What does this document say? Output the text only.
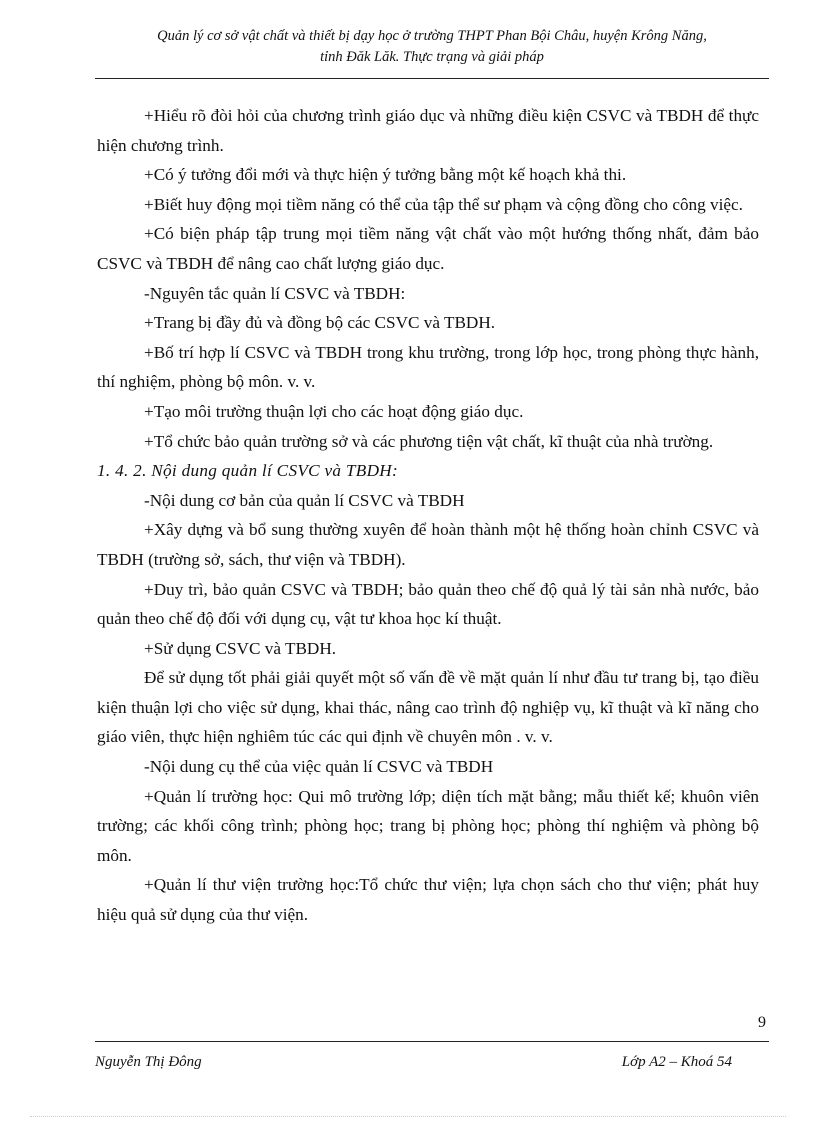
Quản lý cơ sở vật chất và thiết bị dạy học ở trường THPT Phan Bội Châu, huyện Krông Năng,
tỉnh Đăk Lăk. Thực trạng và giải pháp

+Hiểu rõ đòi hỏi của chương trình giáo dục và những điều kiện CSVC và TBDH để thực hiện chương trình.

+Có ý tưởng đổi mới và thực hiện ý tưởng bằng một kế hoạch khả thi.

+Biết huy động mọi tiềm năng có thể của tập thể sư phạm và cộng đồng cho công việc.

+Có biện pháp tập trung mọi tiềm năng vật chất vào một hướng thống nhất, đảm bảo CSVC và TBDH để nâng cao chất lượng giáo dục.

-Nguyên tắc quản lí CSVC và TBDH:

+Trang bị đầy đủ và đồng bộ các CSVC và TBDH.

+Bố trí hợp lí CSVC và TBDH trong khu trường, trong lớp học, trong phòng thực hành, thí nghiệm, phòng bộ môn. v. v.

+Tạo môi trường thuận lợi cho các hoạt động giáo dục.

+Tổ chức bảo quản trường sở và các phương tiện vật chất, kĩ thuật của nhà trường.

1. 4. 2. Nội dung quản lí CSVC và TBDH:

-Nội dung cơ bản của quản lí CSVC và TBDH

+Xây dựng và bổ sung thường xuyên để hoàn thành một hệ thống hoàn chỉnh CSVC và TBDH (trường sở, sách, thư viện và TBDH).

+Duy trì, bảo quản CSVC và TBDH; bảo quản theo chế độ quả lý tài sản nhà nước, bảo quản theo chế độ đối với dụng cụ, vật tư khoa học kí thuật.

+Sử dụng CSVC và TBDH.

Để sử dụng tốt phải giải quyết một số vấn đề về mặt quản lí như đầu tư trang bị, tạo điều kiện thuận lợi cho việc sử dụng, khai thác, nâng cao trình độ nghiệp vụ, kĩ thuật và kĩ năng cho giáo viên, thực hiện nghiêm túc các qui định về chuyên môn . v. v.

-Nội dung cụ thể của việc quản lí CSVC và TBDH

+Quản lí trường học: Qui mô trường lớp; diện tích mặt bằng; mẫu thiết kế; khuôn viên trường; các khối công trình; phòng học; trang bị phòng học; phòng thí nghiệm và phòng bộ môn.

+Quản lí thư viện trường học:Tổ chức thư viện; lựa chọn sách cho thư viện; phát huy hiệu quả sử dụng của thư viện.

9
Nguyễn Thị Đông	Lớp A2 – Khoá 54
